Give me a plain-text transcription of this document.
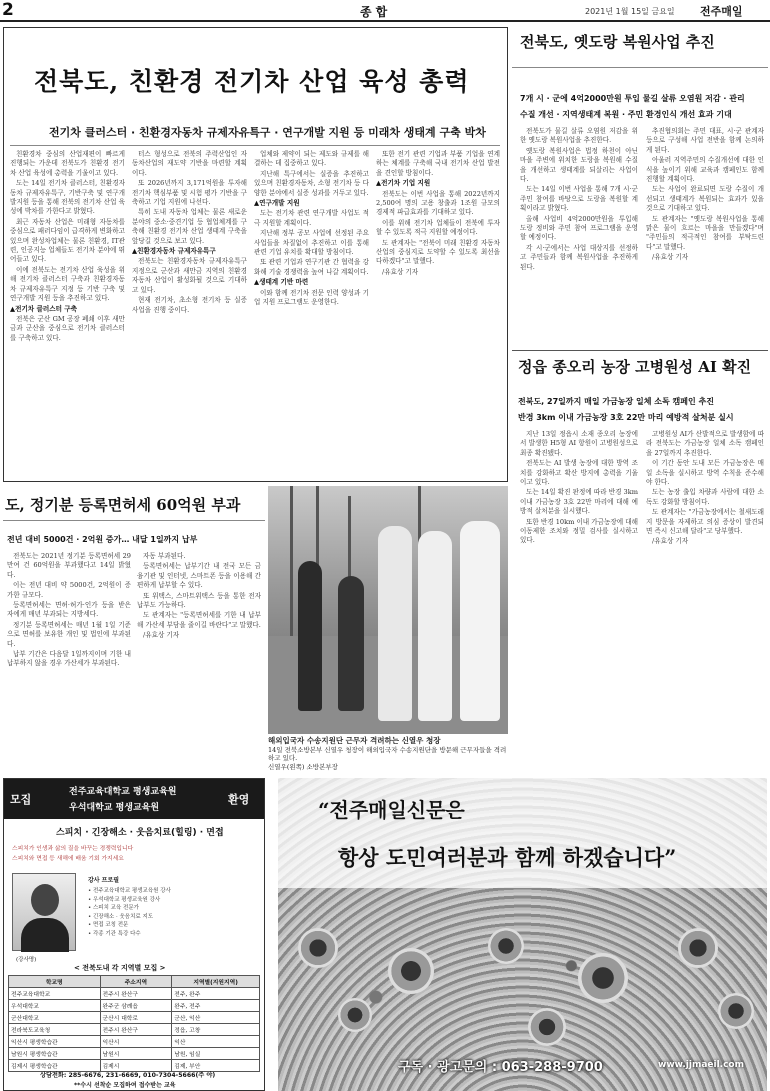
2	종합	2021년 1월 15일 금요일 전주매일
전북도, 친환경 전기차 산업 육성 총력
전기차 클러스터 · 친환경자동차 규제자유특구 · 연구개발 지원 등 미래차 생태계 구축 박차

친환경차 중심의 산업재편이 빠르게 진행되는 가운데 전북도가 친환경 전기차 산업 육성에 총력을 기울이고 있다.

도는 14일 전기차 클러스터, 친환경자동차 규제자유특구, 기반구축 및 연구개발지원 등을 통해 전북의 전기차 산업 육성에 박차를 가한다고 밝혔다.

최근 자동차 산업은 미래형 자동차를 중심으로 패러다임이 급격하게 변화하고 있으며 완성차업체는 물론 친환경, IT관련, 인공지능 업체들도 전기차 분야에 뛰어들고 있다.

이에 전북도는 전기차 산업 육성을 위해 전기차 클러스터 구축과 친환경자동차 규제자유특구 지정 등 기반 구축 및 연구개발 지원 등을 추진하고 있다.

▲전기차 클러스터 구축

전북은 군산 GM 공장 폐쇄 이후 새만금과 군산을 중심으로 전기차 클러스터를 구축하고 있다.

터스 형성으로 전북의 주력산업인 자동차산업의 재도약 기반을 마련할 계획이다.

또 2026년까지 3,171억원을 투자해 전기차 핵심부품 및 시험 평가 기반을 구축하고 기업 지원에 나선다.

특히 도내 자동차 업체는 물론 새로운 분야의 중소·중견기업 등 협업체계를 구축해 친환경 전기차 산업 생태계 구축을 앞당길 것으로 보고 있다.

▲친환경자동차 규제자유특구

전북도는 친환경자동차 규제자유특구 지정으로 군산과 새만금 지역의 친환경 자동차 산업이 활성화될 것으로 기대하고 있다.

현재 전기차, 초소형 전기차 등 실증 사업을 진행 중이다.

업체와 제약이 되는 제도와 규제를 해결하는 데 집중하고 있다.

지난해 특구에서는 실증을 추진하고 있으며 친환경자동차, 소형 전기차 등 다양한 분야에서 실증 성과를 거두고 있다.

▲연구개발 지원

도는 전기차 관련 연구개발 사업도 적극 지원할 계획이다.

지난해 정부 공모 사업에 선정된 주요 사업들을 차질없이 추진하고 이를 통해 관련 기업 유치를 확대할 방침이다.

또 관련 기업과 연구기관 간 협력을 강화해 기술 경쟁력을 높여 나갈 계획이다.

▲생태계 기반 마련

이와 함께 전기차 전문 인력 양성과 기업 지원 프로그램도 운영한다.

또한 전기 관련 기업과 부품 기업을 연계하는 체계를 구축해 국내 전기차 산업 발전을 견인할 방침이다.

▲전기차 기업 지원

전북도는 이번 사업을 통해 2022년까지 2,500여 명의 고용 창출과 1조원 규모의 경제적 파급효과를 기대하고 있다.

이를 위해 전기차 업체들이 전북에 투자할 수 있도록 적극 지원할 예정이다.

도 관계자는 "전북이 미래 친환경 자동차 산업의 중심지로 도약할 수 있도록 최선을 다하겠다"고 말했다.

/유효상 기자

전북도, 옛도랑 복원사업 추진
7개 시 · 군에 4억2000만원 투입 물길 살류 오염원 저감 · 관리
수질 개선 · 지역생태계 복원 · 주민 환경인식 개선 효과 기대

전북도가 물길 살류 오염원 저감을 위한 옛도랑 복원사업을 추진한다.

옛도랑 복원사업은 법정 하천이 아닌 마을 주변에 위치한 도랑을 복원해 수질을 개선하고 생태계를 되살리는 사업이다.

도는 14일 이번 사업을 통해 7개 시·군 주민 참여를 바탕으로 도랑을 복원할 계획이라고 밝혔다.

올해 사업비 4억2000만원을 투입해 도랑 정비와 주민 참여 프로그램을 운영할 예정이다.

각 시·군에서는 사업 대상지를 선정하고 주민들과 함께 복원사업을 추진하게 된다.

추진협의회는 주민 대표, 시·군 관계자 등으로 구성해 사업 전반을 함께 논의하게 된다.

아울러 지역주민의 수질개선에 대한 인식을 높이기 위해 교육과 캠페인도 함께 진행할 계획이다.

도는 사업이 완료되면 도랑 수질이 개선되고 생태계가 복원되는 효과가 있을 것으로 기대하고 있다.

도 관계자는 "옛도랑 복원사업을 통해 맑은 물이 흐르는 마을을 만들겠다"며 "주민들의 적극적인 참여를 부탁드린다"고 말했다.

/유효상 기자

정읍 종오리 농장 고병원성 AI 확진
전북도, 27일까지 매일 가금농장 일체 소독 캠페인 추진
반경 3km 이내 가금농장 3호 22만 마리 예방적 살처분 실시

지난 13일 정읍시 소재 종오리 농장에서 발생한 H5형 AI 항원이 고병원성으로 최종 확진됐다.

전북도는 AI 발생 농장에 대한 방역 조치를 강화하고 확산 방지에 총력을 기울이고 있다.

도는 14일 확진 판정에 따라 반경 3km 이내 가금농장 3호 22만 마리에 대해 예방적 살처분을 실시했다.

또한 반경 10km 이내 가금농장에 대해 이동제한 조치와 정밀 검사를 실시하고 있다.

고병원성 AI가 산발적으로 발생함에 따라 전북도는 가금농장 일체 소독 캠페인을 27일까지 추진한다.

이 기간 동안 도내 모든 가금농장은 매일 소독을 실시하고 방역 수칙을 준수해야 한다.

도는 농장 출입 차량과 사람에 대한 소독도 강화할 방침이다.

도 관계자는 "가금농장에서는 철새도래지 방문을 자제하고 의심 증상이 발견되면 즉시 신고해 달라"고 당부했다.

/유효상 기자

도, 정기분 등록면허세 60억원 부과
전년 대비 5000건 · 2억원 증가… 내달 1일까지 납부

전북도는 2021년 정기분 등록면허세 29만여 건 60억원을 부과했다고 14일 밝혔다.

이는 전년 대비 약 5000건, 2억원이 증가한 규모다.

등록면허세는 면허·허가·인가 등을 받은 자에게 매년 부과되는 지방세다.

정기분 등록면허세는 매년 1월 1일 기준으로 면허를 보유한 개인 및 법인에 부과된다.

납부 기간은 다음달 1일까지이며 기한 내 납부하지 않을 경우 가산세가 부과된다.

자동 부과된다.

등록면허세는 납부기간 내 전국 모든 금융기관 및 인터넷, 스마트폰 등을 이용해 간편하게 납부할 수 있다.

또 위택스, 스마트위택스 등을 통한 전자납부도 가능하다.

도 관계자는 "등록면허세를 기한 내 납부해 가산세 부담을 줄이길 바란다"고 말했다.

/유효상 기자

해외입국자 수송지원단 근무자 격려하는 신열우 청장
14일 전북소방본부 신열우 청장이 해외입국자 수송지원단을 방문해 근무자들을 격려하고 있다.
신열우(왼쪽) 소방본부장
모집
전주교육대학교 평생교육원
우석대학교 평생교육원
환영
스피치 · 긴장해소 · 웃음치료(힐링) · 면접
스피치가 인생과 삶의 질을 바꾸는 경쟁력입니다
스피치와 면접 등 새해에 배움 기회 가지세요
(강사명)
강사 프로필
• 전주교육대학교 평생교육원 강사
• 우석대학교 평생교육원 강사
• 스피치 교육 전문가
• 긴장해소 · 웃음치료 지도
• 면접 코칭 전문
• 각종 기관 특강 다수
< 전북도내 각 지역별 모집 >
학교명	주소지역	지역별(지원지역)
전주교육대학교	전주시 완산구	전주, 완주
우석대학교	완주군 삼례읍	완주, 전주
군산대학교	군산시 대학로	군산, 익산
전라북도교육청	전주시 완산구	정읍, 고창
익산시 평생학습관	익산시	익산
남원시 평생학습관	남원시	남원, 임실
김제시 평생학습관	김제시	김제, 부안
상담전화: 285-6676, 231-6669, 010-7304-5666(주 야)
**수시 선착순 모집하여 접수받는 교육
“전주매일신문은
항상 도민여러분과 함께 하겠습니다”
구독 · 광고문의 : 063-288-9700	www.jjmaeil.com
